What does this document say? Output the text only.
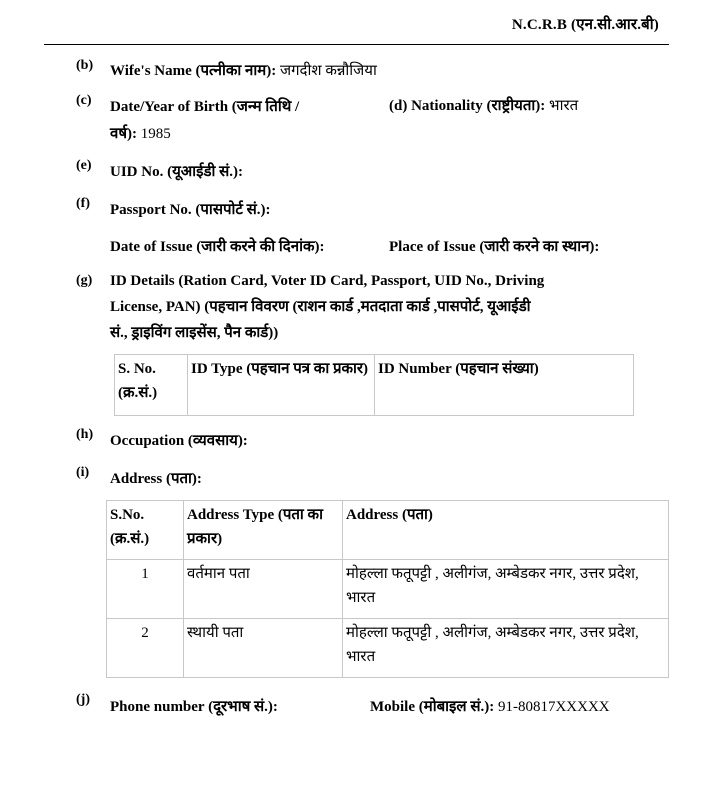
N.C.R.B (एन.सी.आर.बी)
(b) Wife's Name (पत्नीका नाम): जगदीश कन्नौजिया
(c) Date/Year of Birth (जन्म तिथि /
वर्ष): 1985
(d) Nationality (राष्ट्रीयता): भारत
(e) UID No. (यूआईडी सं.):
(f) Passport No. (पासपोर्ट सं.):
Date of Issue (जारी करने की दिनांक):	Place of Issue (जारी करने का स्थान):
(g) ID Details (Ration Card, Voter ID Card, Passport, UID No., Driving
License, PAN) (पहचान विवरण (राशन कार्ड ,मतदाता कार्ड ,पासपोर्ट, यूआईडी
सं., ड्राइविंग लाइसेंस, पैन कार्ड))
S. No. (क्र.सं.)	ID Type (पहचान पत्र का प्रकार)	ID Number (पहचान संख्या)
(h) Occupation (व्यवसाय):
(i) Address (पता):
S.No. (क्र.सं.)	Address Type (पता का प्रकार)	Address (पता)
1	वर्तमान पता	मोहल्ला फतूपट्टी , अलीगंज, अम्बेडकर नगर, उत्तर प्रदेश, भारत
2	स्थायी पता	मोहल्ला फतूपट्टी , अलीगंज, अम्बेडकर नगर, उत्तर प्रदेश, भारत
(j) Phone number (दूरभाष सं.):	Mobile (मोबाइल सं.): 91-80817XXXXX
